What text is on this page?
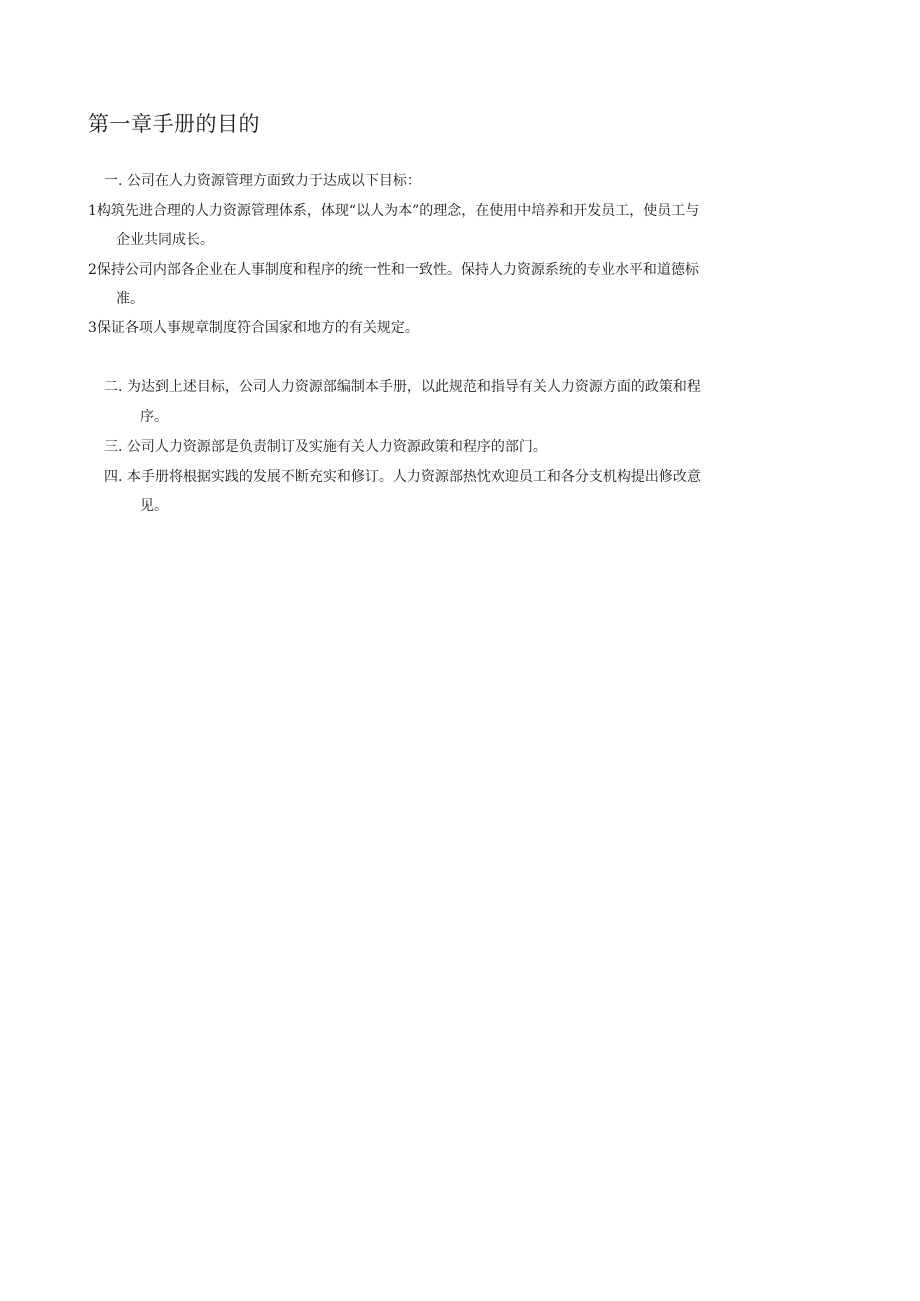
第一章手册的目的
一. 公司在人力资源管理方面致力于达成以下目标：
1构筑先进合理的人力资源管理体系，体现“以人为本”的理念，在使用中培养和开发员工，使员工与
企业共同成长。
2保持公司内部各企业在人事制度和程序的统一性和一致性。保持人力资源系统的专业水平和道德标
准。
3保证各项人事规章制度符合国家和地方的有关规定。
二. 为达到上述目标，公司人力资源部编制本手册，以此规范和指导有关人力资源方面的政策和程
序。
三. 公司人力资源部是负责制订及实施有关人力资源政策和程序的部门。
四. 本手册将根据实践的发展不断充实和修订。人力资源部热忱欢迎员工和各分支机构提出修改意
见。
